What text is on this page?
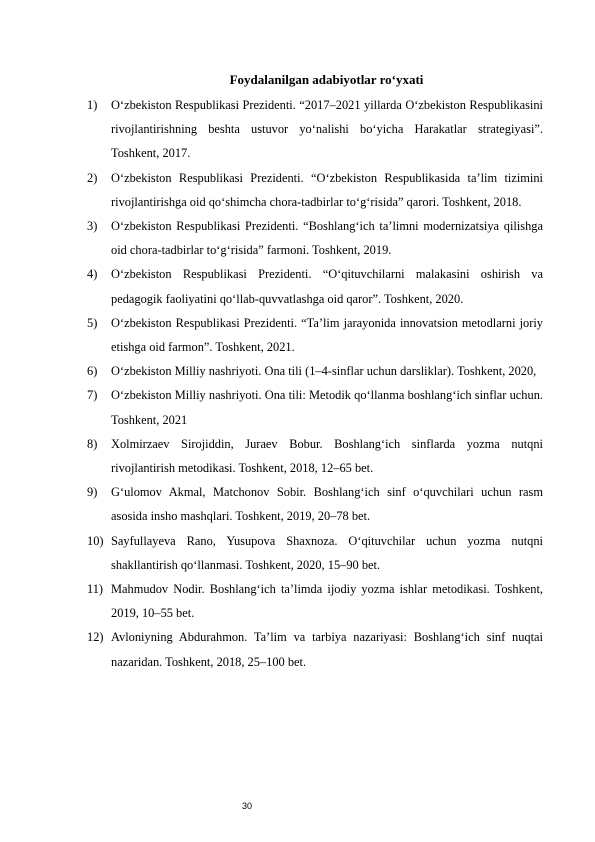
Foydalanilgan adabiyotlar ro‘yxati
1)	O‘zbekiston Respublikasi Prezidenti. “2017–2021 yillarda O‘zbekiston Respublikasini rivojlantirishning beshta ustuvor yo‘nalishi bo‘yicha Harakatlar strategiyasi”. Toshkent, 2017.
2)	O‘zbekiston Respublikasi Prezidenti. “O‘zbekiston Respublikasida ta’lim tizimini rivojlantirishga oid qo‘shimcha chora-tadbirlar to‘g‘risida” qarori. Toshkent, 2018.
3)	O‘zbekiston Respublikasi Prezidenti. “Boshlang‘ich ta’limni modernizatsiya qilishga oid chora-tadbirlar to‘g‘risida” farmoni. Toshkent, 2019.
4)	O‘zbekiston Respublikasi Prezidenti. “O‘qituvchilarni malakasini oshirish va pedagogik faoliyatini qo‘llab-quvvatlashga oid qaror”. Toshkent, 2020.
5)	O‘zbekiston Respublikasi Prezidenti. “Ta’lim jarayonida innovatsion metodlarni joriy etishga oid farmon”. Toshkent, 2021.
6)	O‘zbekiston Milliy nashriyoti. Ona tili (1–4-sinflar uchun darsliklar). Toshkent, 2020,
7)	O‘zbekiston Milliy nashriyoti. Ona tili: Metodik qo‘llanma boshlang‘ich sinflar uchun. Toshkent, 2021
8)	Xolmirzaev Sirojiddin, Juraev Bobur. Boshlang‘ich sinflarda yozma nutqni rivojlantirish metodikasi. Toshkent, 2018, 12–65 bet.
9)	G‘ulomov Akmal, Matchonov Sobir. Boshlang‘ich sinf o‘quvchilari uchun rasm asosida insho mashqlari. Toshkent, 2019, 20–78 bet.
10) Sayfullayeva Rano, Yusupova Shaxnoza. O‘qituvchilar uchun yozma nutqni shakllantirish qo‘llanmasi. Toshkent, 2020, 15–90 bet.
11) Mahmudov Nodir. Boshlang‘ich ta’limda ijodiy yozma ishlar metodikasi. Toshkent, 2019, 10–55 bet.
12) Avloniyning Abdurahmon. Ta’lim va tarbiya nazariyasi: Boshlang‘ich sinf nuqtai nazaridan. Toshkent, 2018, 25–100 bet.
30
